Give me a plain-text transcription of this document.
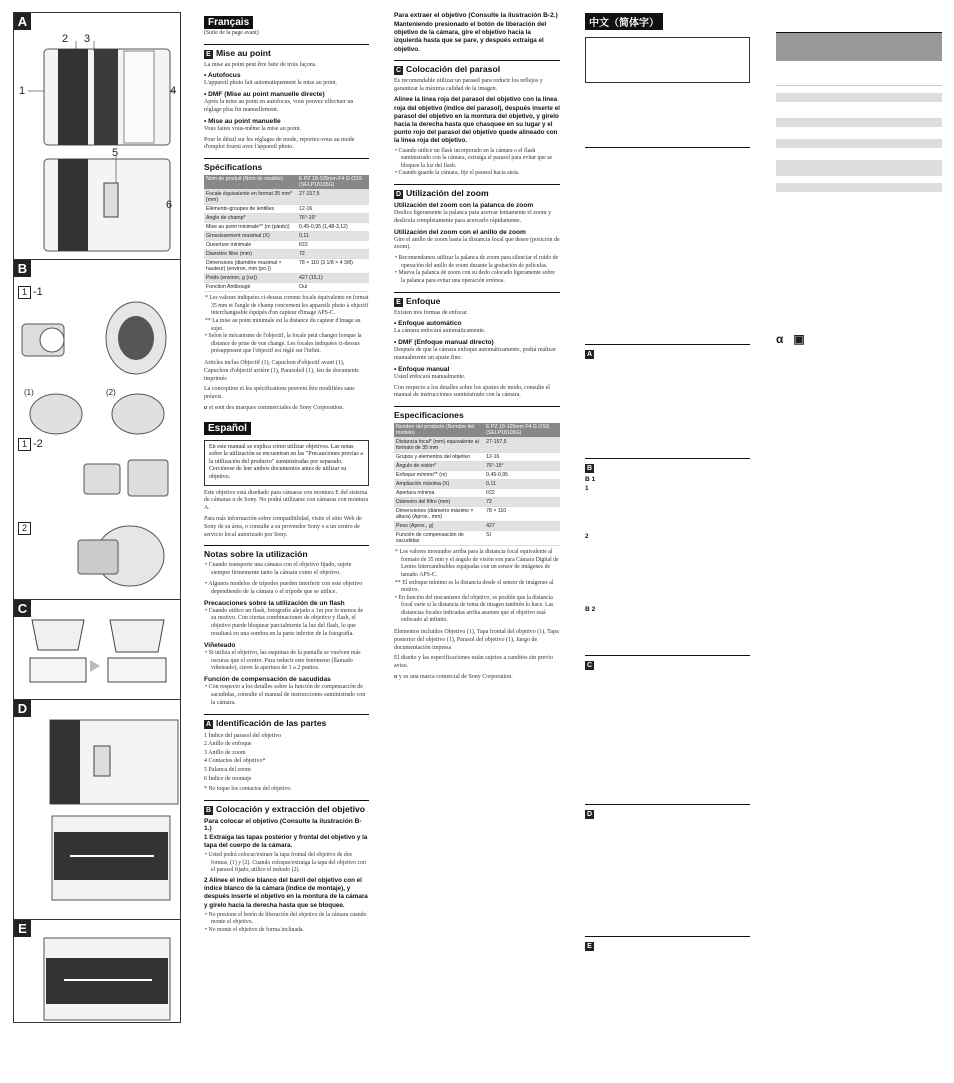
A
2 3
1	4
5
6
B
1 -1
(1)	(2)
1 -2
2
C
D
E
Français
(Suite de la page avant)
E Mise au point
La mise au point peut être faite de trois façons.
• Autofocus
L'appareil photo fait automatiquement la mise au point.
• DMF (Mise au point manuelle directe)
Après la mise au point en autofocus, vous pouvez effectuer un réglage plus fin manuellement.
• Mise au point manuelle
Vous faites vous-même la mise au point.
Pour le détail sur les réglages de mode, reportez-vous au mode d'emploi fourni avec l'appareil photo.
Spécifications
Nom de produit (Nom de modèle)	E PZ 18-105mm F4 G OSS (SELP18105G)
Focale équivalente en format 35 mm* (mm)	27-157,5
Éléments-groupes de lentilles	12-16
Angle de champ*	76°-15°
Mise au point minimale** (m (pieds))	0,45-0,95 (1,48-3,12)
Grossissement maximal (X)	0,11
Ouverture minimale	f/22
Diamètre filtre (mm)	72
Dimensions (diamètre maximal × hauteur) (environ, mm (po.))	78 × 110 (3 1/8 × 4 3/8)
Poids (environ, g (oz))	427 (15,1)
Fonction Antibougé	Oui
* Les valeurs indiquées ci-dessus comme focale équivalente en format 35 mm et l'angle de champ concernent les appareils photo à objectif interchangeable équipés d'un capteur d'image APS-C.
** La mise au point minimale est la distance du capteur d'image au sujet.
• Selon le mécanisme de l'objectif, la focale peut changer lorsque la distance de prise de vue change. Les focales indiquées ci-dessus présupposent que l'objectif est réglé sur l'infini.
Articles inclus Objectif (1), Capuchon d'objectif avant (1), Capuchon d'objectif arrière (1), Parasoleil (1), Jeu de documents imprimés
La conception et les spécifications peuvent être modifiées sans préavis.
α et sont des marques commerciales de Sony Corporation.
Español
En este manual se explica cómo utilizar objetivos. Las notas sobre la utilización se encuentran en las "Precauciones previas a la utilización del producto" suministradas por separado. Cerciórese de leer ambos documentos antes de utilizar su objetivo.
Este objetivo está diseñado para cámaras con montura E del sistema de cámaras α de Sony. No podrá utilizarse con cámaras con montura A.
Para más información sobre compatibilidad, visite el sitio Web de Sony de su área, o consulte a su proveedor Sony o a un centro de servicio local autorizado por Sony.
Notas sobre la utilización
• Cuando transporte una cámara con el objetivo fijado, sujete siempre firmemente tanto la cámara como el objetivo.
• Algunos modelos de trípodes pueden interferir con este objetivo dependiendo de la cámara o el trípode que se utilice.
Precauciones sobre la utilización de un flash
• Cuando utilice un flash, fotografíe alejado a 1m por lo menos de su motivo. Con ciertas combinaciones de objetivo y flash, el objetivo puede bloquear parcialmente la luz del flash, lo que resultará en una sombra en la parte inferior de la fotografía.
Viñeteado
• Si utiliza el objetivo, las esquinas de la pantalla se vuelven más oscuras que el centro. Para reducir este fenómeno (llamado viñeteado), cierre la apertura de 1 a 2 puntos.
Función de compensación de sacudidas
• Con respecto a los detalles sobre la función de compensación de sacudidas, consulte el manual de instrucciones suministrado con la cámara.
A Identificación de las partes
1 Índice del parasol del objetivo
2 Anillo de enfoque
3 Anillo de zoom
4 Contactos del objetivo*
5 Palanca del zoom
6 Índice de montaje
* No toque los contactos del objetivo.
B Colocación y extracción del objetivo
Para colocar el objetivo (Consulte la ilustración B-1.)
1 Extraiga las tapas posterior y frontal del objetivo y la tapa del cuerpo de la cámara.
• Usted podrá colocar/extraer la tapa frontal del objetivo de dos formas, (1) y (2). Cuando coloque/extraiga la tapa del objetivo con el parasol fijado, utilice el método (2).
2 Alinee el índice blanco del barril del objetivo con el índice blanco de la cámara (índice de montaje), y después inserte el objetivo en la montura de la cámara y gírelo hacia la derecha hasta que se bloquee.
• No presione el botón de liberación del objetivo de la cámara cuando monte el objetivo.
• No monte el objetivo de forma inclinada.
Para extraer el objetivo (Consulte la ilustración B-2.)
Manteniendo presionado el botón de liberación del objetivo de la cámara, gire el objetivo hacia la izquierda hasta que se pare, y después extraiga el objetivo.
C Colocación del parasol
Es recomendable utilizar un parasol para reducir los reflejos y garantizar la máxima calidad de la imagen.
Alinee la línea roja del parasol del objetivo con la línea roja del objetivo (índice del parasol), después inserte el parasol del objetivo en la montura del objetivo, y gírelo hacia la derecha hasta que chasquee en su lugar y el punto rojo del parasol del objetivo quede alineado con la línea roja del objetivo.
• Cuando utilice un flash incorporado en la cámara o el flash suministrado con la cámara, extraiga el parasol para evitar que se bloquee la luz del flash.
• Cuando guarde la cámara, fije el parasol hacia atrás.
D Utilización del zoom
Utilización del zoom con la palanca de zoom
Deslice ligeramente la palanca para acercar lentamente el zoom y deslícela completamente para acercarlo rápidamente.
Utilización del zoom con el anillo de zoom
Gire el anillo de zoom hasta la distancia focal que desee (posición de zoom).
• Recomendamos utilizar la palanca de zoom para silenciar el ruido de operación del anillo de zoom durante la grabación de películas.
• Mueva la palanca de zoom con su dedo colocado ligeramente sobre la palanca para evitar una operación errónea.
E Enfoque
Existen tres formas de enfocar.
• Enfoque automático
La cámara enfocará automáticamente.
• DMF (Enfoque manual directo)
Después de que la cámara enfoque automáticamente, podrá realizar manualmente un ajuste fino.
• Enfoque manual
Usted enfocará manualmente.
Con respecto a los detalles sobre los ajustes de modo, consulte el manual de instrucciones suministrado con la cámara.
Especificaciones
Nombre del producto (Nombre del modelo)	E PZ 18-105mm F4 G OSS (SELP18105G)
Distancia focal* (mm) equivalente al formato de 35 mm	27-157,5
Grupos y elementos del objetivo	12-16
Ángulo de visión*	76°-15°
Enfoque mínimo** (m)	0,45-0,95
Ampliación máxima (X)	0,11
Apertura mínima	f/22
Diámetro del filtro (mm)	72
Dimensiones (diámetro máximo × altura) (Aprox., mm)	78 × 110
Peso (Aprox., g)	427
Función de compensación de sacudidas	Sí
* Los valores mostrados arriba para la distancia focal equivalente al formato de 35 mm y el ángulo de visión son para Cámara Digital de Lentes Intercambiables equipadas con un sensor de imágenes de tamaño APS-C.
** El enfoque mínimo es la distancia desde el sensor de imágenes al motivo.
• En función del mecanismo del objetivo, es posible que la distancia focal varíe si la distancia de toma de imagen también lo hace. Las distancias focales indicadas arriba asumen que el objetivo está enfocado al infinito.
Elementos incluidos Objetivo (1), Tapa frontal del objetivo (1), Tapa posterior del objetivo (1), Parasol del objetivo (1), Juego de documentación impresa
El diseño y las especificaciones están sujetos a cambios sin previo aviso.
α y es una marca comercial de Sony Corporation.
中文（简体字）
A
B
B 1
1
2
B 2
C
D
E
α   ▣
